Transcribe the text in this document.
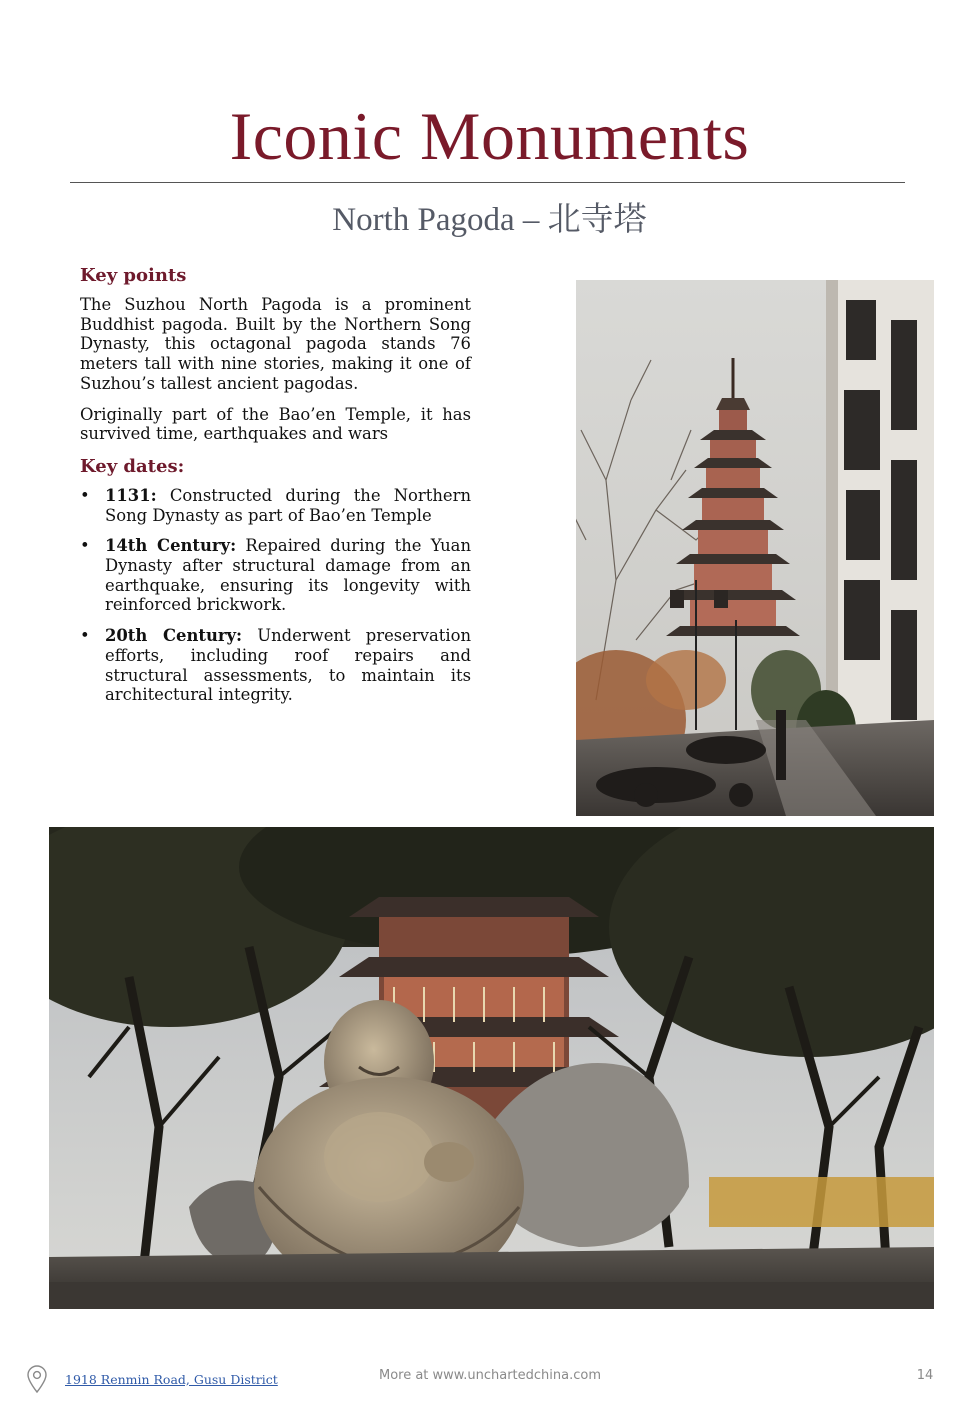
Iconic Monuments
North Pagoda – 北寺塔
Key points

The Suzhou North Pagoda is a prominent Buddhist pagoda. Built by the Northern Song Dynasty, this octagonal pagoda stands 76 meters tall with nine stories, making it one of Suzhou’s tallest ancient pagodas.

Originally part of the Bao’en Temple, it has survived time, earthquakes and wars

Key dates:
• 1131: Constructed during the Northern Song Dynasty as part of Bao’en Temple
• 14th Century: Repaired during the Yuan Dynasty after structural damage from an earthquake, ensuring its longevity with reinforced brickwork.
• 20th Century: Underwent preservation efforts, including roof repairs and structural assessments, to maintain its architectural integrity.
1918 Renmin Road, Gusu District	More at www.unchartedchina.com	14
